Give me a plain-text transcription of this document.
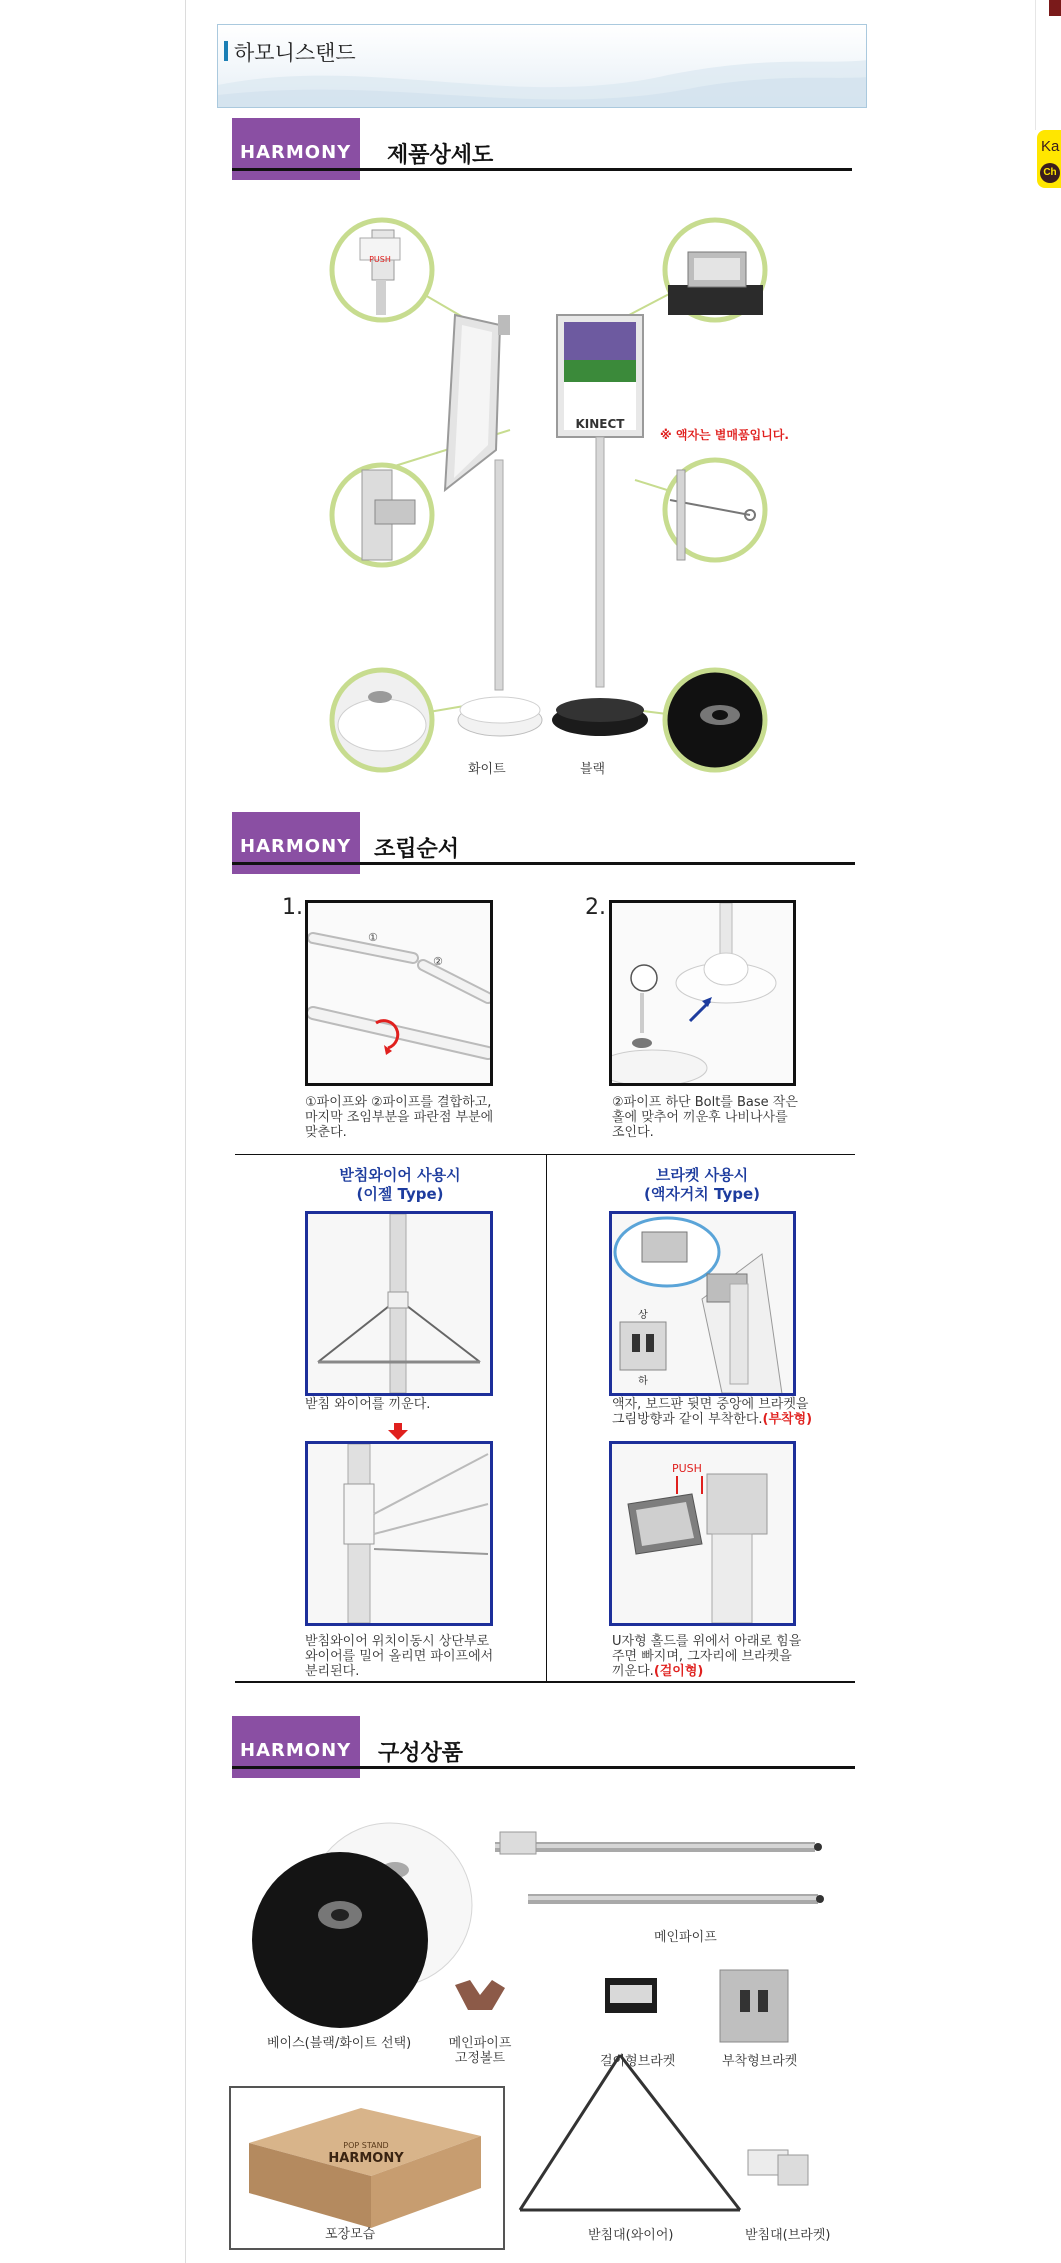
Ka
Ch
하모니스탠드
HARMONY 제품상세도
KINECT
PUSH
※ 액자는 별매품입니다.
화이트	블랙
HARMONY 조립순서
1.
①
②
①파이프와 ②파이프를 결합하고,
마지막 조임부분을 파란점 부분에
맞춘다.
2.
②파이프 하단 Bolt를 Base 작은
홀에 맞추어 끼운후 나비나사를
조인다.
받침와이어 사용시
(이젤 Type)
받침 와이어를 끼운다.
받침와이어 위치이동시 상단부로
와이어를 밀어 올리면 파이프에서
분리된다.
브라켓 사용시
(액자거치 Type)
상
하
액자, 보드판 뒷면 중앙에 브라켓을
그림방향과 같이 부착한다.(부착형)
PUSH
U자형 홀드를 위에서 아래로 힘을
주면 빠지며, 그자리에 브라켓을
끼운다.(걸이형)
HARMONY 구성상품
메인파이프
베이스(블랙/화이트 선택)	메인파이프
고정볼트	걸이형브라켓	부착형브라켓
POP STAND
HARMONY
포장모습	받침대(와이어)	받침대(브라켓)
